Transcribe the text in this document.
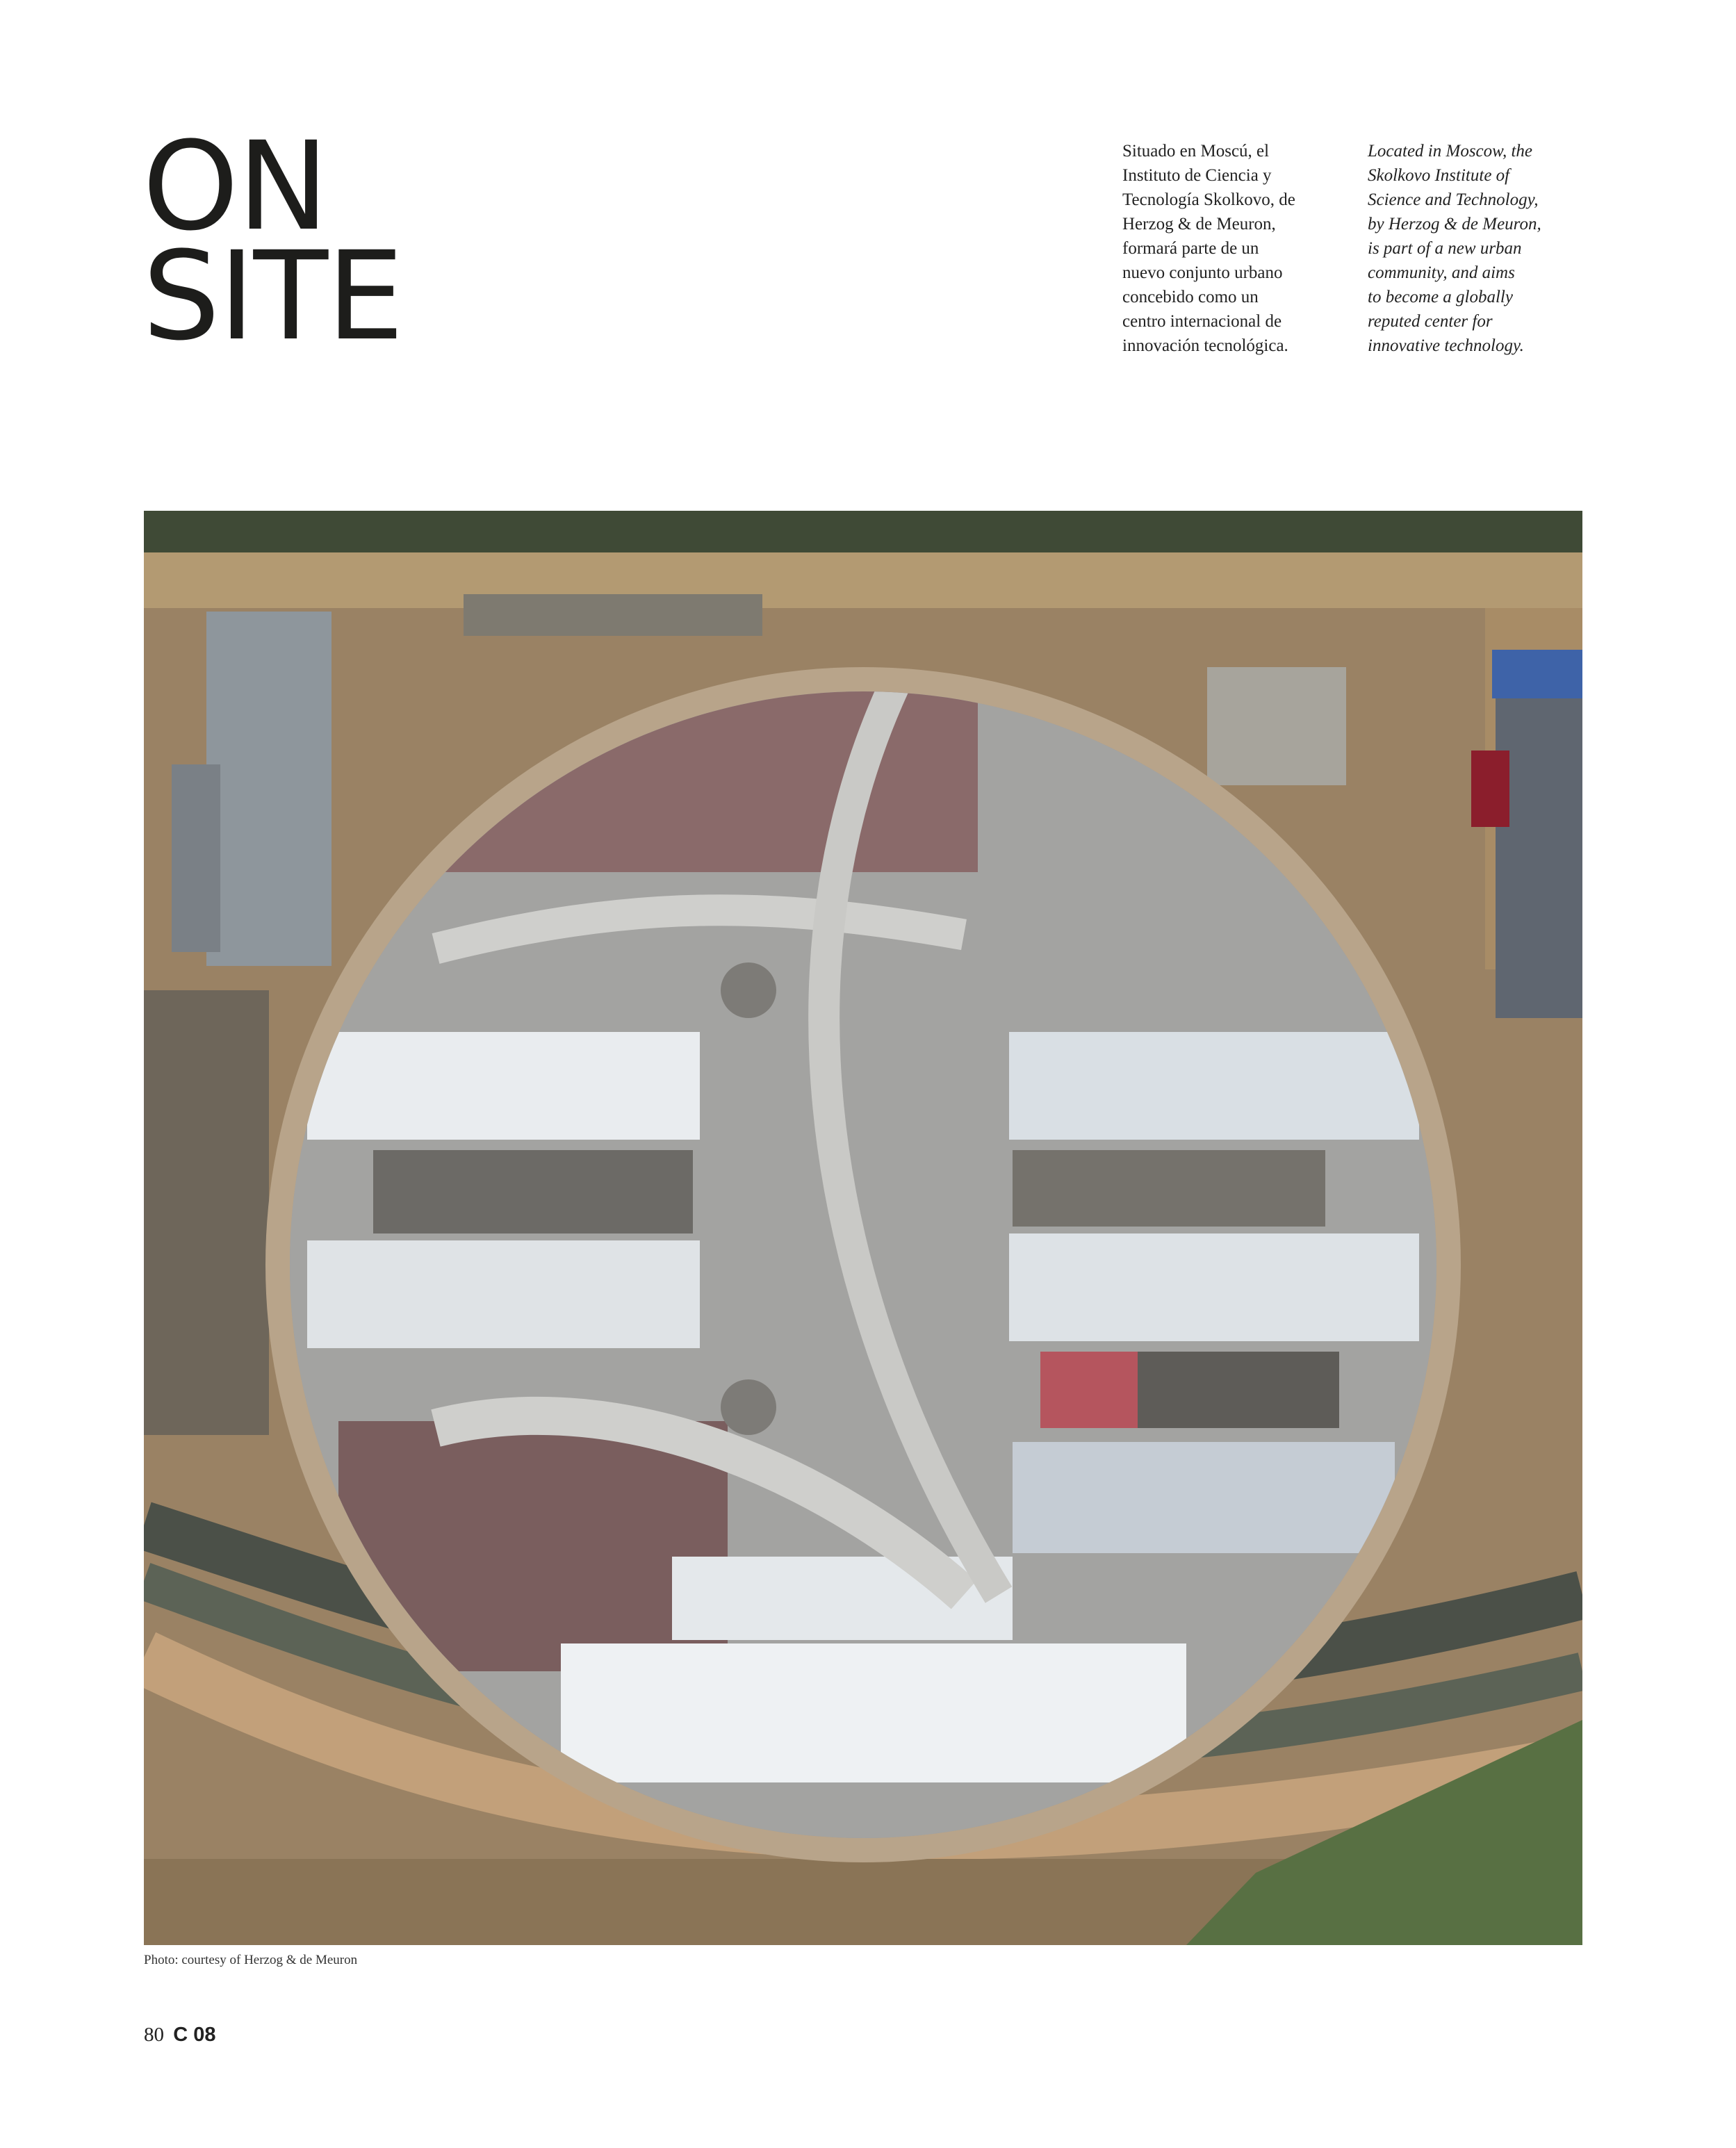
ON
SITE
Situado en Moscú, el
Instituto de Ciencia y
Tecnología Skolkovo, de
Herzog & de Meuron,
formará parte de un
nuevo conjunto urbano
concebido como un
centro internacional de
innovación tecnológica.
Located in Moscow, the
Skolkovo Institute of
Science and Technology,
by Herzog & de Meuron,
is part of a new urban
community, and aims
to become a globally
reputed center for
innovative technology.
Photo: courtesy of Herzog & de Meuron
80 C 08
